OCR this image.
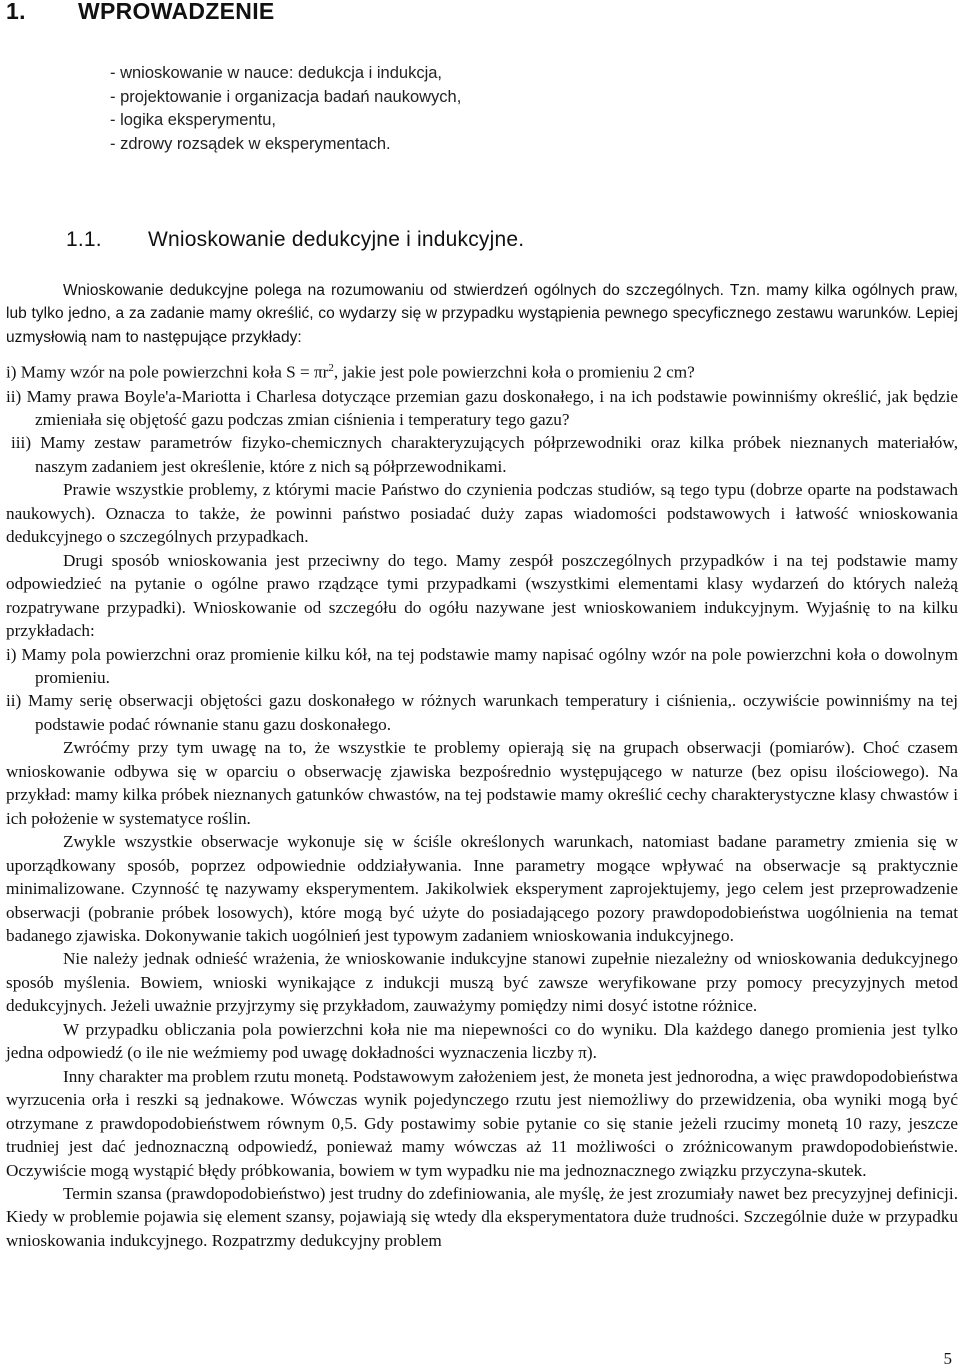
1. WPROWADZENIE
- wnioskowanie w nauce: dedukcja i indukcja,
- projektowanie i organizacja badań naukowych,
- logika eksperymentu,
- zdrowy rozsądek w eksperymentach.
1.1. Wnioskowanie dedukcyjne i indukcyjne.

Wnioskowanie dedukcyjne polega na rozumowaniu od stwierdzeń ogólnych do szczególnych. Tzn. mamy kilka ogólnych praw, lub tylko jedno, a za zadanie mamy określić, co wydarzy się w przypadku wystąpienia pewnego specyficznego zestawu warunków. Lepiej uzmysłowią nam to następujące przykłady:

i) Mamy wzór na pole powierzchni koła $S = \pi r^2$, jakie jest pole powierzchni koła o promieniu 2 cm?

ii) Mamy prawa Boyle'a-Mariotta i Charlesa dotyczące przemian gazu doskonałego, i na ich podstawie powinniśmy określić, jak będzie zmieniała się objętość gazu podczas zmian ciśnienia i temperatury tego gazu?

iii) Mamy zestaw parametrów fizyko-chemicznych charakteryzujących półprzewodniki oraz kilka próbek nieznanych materiałów, naszym zadaniem jest określenie, które z nich są półprzewodnikami.

Prawie wszystkie problemy, z którymi macie Państwo do czynienia podczas studiów, są tego typu (dobrze oparte na podstawach naukowych). Oznacza to także, że powinni państwo posiadać duży zapas wiadomości podstawowych i łatwość wnioskowania dedukcyjnego o szczególnych przypadkach.

Drugi sposób wnioskowania jest przeciwny do tego. Mamy zespół poszczególnych przypadków i na tej podstawie mamy odpowiedzieć na pytanie o ogólne prawo rządzące tymi przypadkami (wszystkimi elementami klasy wydarzeń do których należą rozpatrywane przypadki). Wnioskowanie od szczegółu do ogółu nazywane jest wnioskowaniem indukcyjnym. Wyjaśnię to na kilku przykładach:

i) Mamy pola powierzchni oraz promienie kilku kół, na tej podstawie mamy napisać ogólny wzór na pole powierzchni koła o dowolnym promieniu.

ii) Mamy serię obserwacji objętości gazu doskonałego w różnych warunkach temperatury i ciśnienia,. oczywiście powinniśmy na tej podstawie podać równanie stanu gazu doskonałego.

Zwróćmy przy tym uwagę na to, że wszystkie te problemy opierają się na grupach obserwacji (pomiarów). Choć czasem wnioskowanie odbywa się w oparciu o obserwację zjawiska bezpośrednio występującego w naturze (bez opisu ilościowego). Na przykład: mamy kilka próbek nieznanych gatunków chwastów, na tej podstawie mamy określić cechy charakterystyczne klasy chwastów i ich położenie w systematyce roślin.

Zwykle wszystkie obserwacje wykonuje się w ściśle określonych warunkach, natomiast badane parametry zmienia się w uporządkowany sposób, poprzez odpowiednie oddziaływania. Inne parametry mogące wpływać na obserwacje są praktycznie minimalizowane. Czynność tę nazywamy eksperymentem. Jakikolwiek eksperyment zaprojektujemy, jego celem jest przeprowadzenie obserwacji (pobranie próbek losowych), które mogą być użyte do posiadającego pozory prawdopodobieństwa uogólnienia na temat badanego zjawiska. Dokonywanie takich uogólnień jest typowym zadaniem wnioskowania indukcyjnego.

Nie należy jednak odnieść wrażenia, że wnioskowanie indukcyjne stanowi zupełnie niezależny od wnioskowania dedukcyjnego sposób myślenia. Bowiem, wnioski wynikające z indukcji muszą być zawsze weryfikowane przy pomocy precyzyjnych metod dedukcyjnych. Jeżeli uważnie przyjrzymy się przykładom, zauważymy pomiędzy nimi dosyć istotne różnice.

W przypadku obliczania pola powierzchni koła nie ma niepewności co do wyniku. Dla każdego danego promienia jest tylko jedna odpowiedź (o ile nie weźmiemy pod uwagę dokładności wyznaczenia liczby π).

Inny charakter ma problem rzutu monetą. Podstawowym założeniem jest, że moneta jest jednorodna, a więc prawdopodobieństwa wyrzucenia orła i reszki są jednakowe. Wówczas wynik pojedynczego rzutu jest niemożliwy do przewidzenia, oba wyniki mogą być otrzymane z prawdopodobieństwem równym 0,5. Gdy postawimy sobie pytanie co się stanie jeżeli rzucimy monetą 10 razy, jeszcze trudniej jest dać jednoznaczną odpowiedź, ponieważ mamy wówczas aż 11 możliwości o zróżnicowanym prawdopodobieństwie. Oczywiście mogą wystąpić błędy próbkowania, bowiem w tym wypadku nie ma jednoznacznego związku przyczyna-skutek.

Termin szansa (prawdopodobieństwo) jest trudny do zdefiniowania, ale myślę, że jest zrozumiały nawet bez precyzyjnej definicji. Kiedy w problemie pojawia się element szansy, pojawiają się wtedy dla eksperymentatora duże trudności. Szczególnie duże w przypadku wnioskowania indukcyjnego. Rozpatrzmy dedukcyjny problem

5
